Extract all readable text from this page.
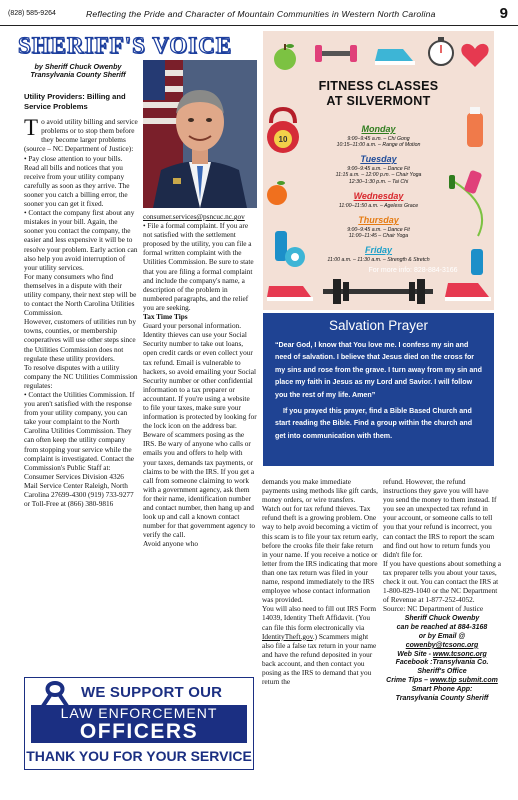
(828) 585-9264	Reflecting the Pride and Character of Mountain Communities in Western North Carolina	9
SHERIFF'S VOICE
by Sheriff Chuck Owenby
Transylvania County Sheriff
Utility Providers: Billing and Service Problems

To avoid utility billing and service problems or to stop them before they become larger problems (source – NC Department of Justice):

• Pay close attention to your bills. Read all bills and notices that you receive from your utility company carefully as soon as they arrive. The sooner you catch a billing error, the sooner you can get it fixed.

• Contact the company first about any mistakes in your bill. Again, the sooner you contact the company, the easier and less expensive it will be to resolve your problem. Early action can also help you avoid interruption of your utility services.

For many consumers who find themselves in a dispute with their utility company, their next step will be to contact the North Carolina Utilities Commission.

However, customers of utilities run by towns, counties, or membership cooperatives will use other steps since the Utilities Commission does not regulate these utility providers.

To resolve disputes with a utility company the NC Utilities Commission regulates:

• Contact the Utilities Commission. If you aren't satisfied with the response from your utility company, you can take your complaint to the North Carolina Utilities Commission. They can often keep the utility company from stopping your service while the complaint is investigated. Contact the Commission's Public Staff at:

Consumer Services Division 4326 Mail Service Center Raleigh, North Carolina 27699-4300 (919) 733-9277 or Toll-Free at (866) 380-9816

consumer.services@psncuc.nc.gov

• File a formal complaint. If you are not satisfied with the settlement proposed by the utility, you can file a formal written complaint with the Utilities Commission. Be sure to state that you are filing a formal complaint and include the company's name, a description of the problem in numbered paragraphs, and the relief you are seeking.

Tax Time Tips

Guard your personal information. Identity thieves can use your Social Security number to take out loans, open credit cards or even collect your tax refund. Email is vulnerable to hackers, so avoid emailing your Social Security number or other confidential information to a tax preparer or accountant. If you're using a website to file your taxes, make sure your information is protected by looking for the lock icon on the address bar.

Beware of scammers posing as the IRS. Be wary of anyone who calls or emails you and offers to help with your taxes, demands tax payments, or claims to be with the IRS. If you get a call from someone claiming to work with a government agency, ask them for their name, identification number and contact number, then hang up and look up and call a known contact number for that government agency to verify the call.

Avoid anyone who

demands you make immediate payments using methods like gift cards, money orders, or wire transfers.

Watch out for tax refund thieves. Tax refund theft is a growing problem. One way to help avoid becoming a victim of this scam is to file your tax return early, before the crooks file their fake return in your name. If you receive a notice or letter from the IRS indicating that more than one tax return was filed in your name, respond immediately to the IRS employee whose contact information was provided.

You will also need to fill out IRS Form 14039, Identity Theft Affidavit. (You can file this form electronically via IdentityTheft.gov.) Scammers might also file a false tax return in your name and have the refund deposited in your back account, and then contact you posing as the IRS to demand that you return the

refund. However, the refund instructions they gave you will have you send the money to them instead. If you see an unexpected tax refund in your account, or someone calls to tell you that your refund is incorrect, you can contact the IRS to report the scam and find out how to return funds you didn't file for.

If you have questions about something a tax preparer tells you about your taxes, check it out. You can contact the IRS at 1-800-829-1040 or the NC Department of Revenue at 1-877-252-4052.

Source: NC Department of Justice

Sheriff Chuck Owenby
can be reached at 884-3168
or by Email @
cowenby@tcsonc.org
Web Site - www.tcsonc.org
Facebook :Transylvania Co. Sheriff's Office
Crime Tips – www.tip submit.com
Smart Phone App:
Transylvania County Sheriff
10
FITNESS CLASSES
AT SILVERMONT
Monday
9:00–9:45 a.m. – Chi Gong
10:15–11:00 a.m. – Range of Motion
Tuesday
9:00–9:45 a.m. – Dance Fit
11:15 a.m. – 12:00 p.m. – Chair Yoga
12:30–1:30 p.m. – Tai Chi
Wednesday
11:00–11:50 a.m. – Ageless Grace
Thursday
9:00–9:45 a.m. – Dance Fit
11:00–11:45 – Chair Yoga
Friday
11:00 a.m. – 11:30 a.m. – Strength & Stretch
For more info: 828-884-3166
Salvation Prayer

“Dear God, I know that You love me. I confess my sin and need of salvation. I believe that Jesus died on the cross for my sins and rose from the grave. I turn away from my sin and place my faith in Jesus as my Lord and Savior. I will follow you the rest of my life. Amen”

If you prayed this prayer, find a Bible Based Church and start reading the Bible. Find a group within the church and get into communication with them.

WE SUPPORT OUR
LAW ENFORCEMENT
OFFICERS
THANK YOU FOR YOUR SERVICE
